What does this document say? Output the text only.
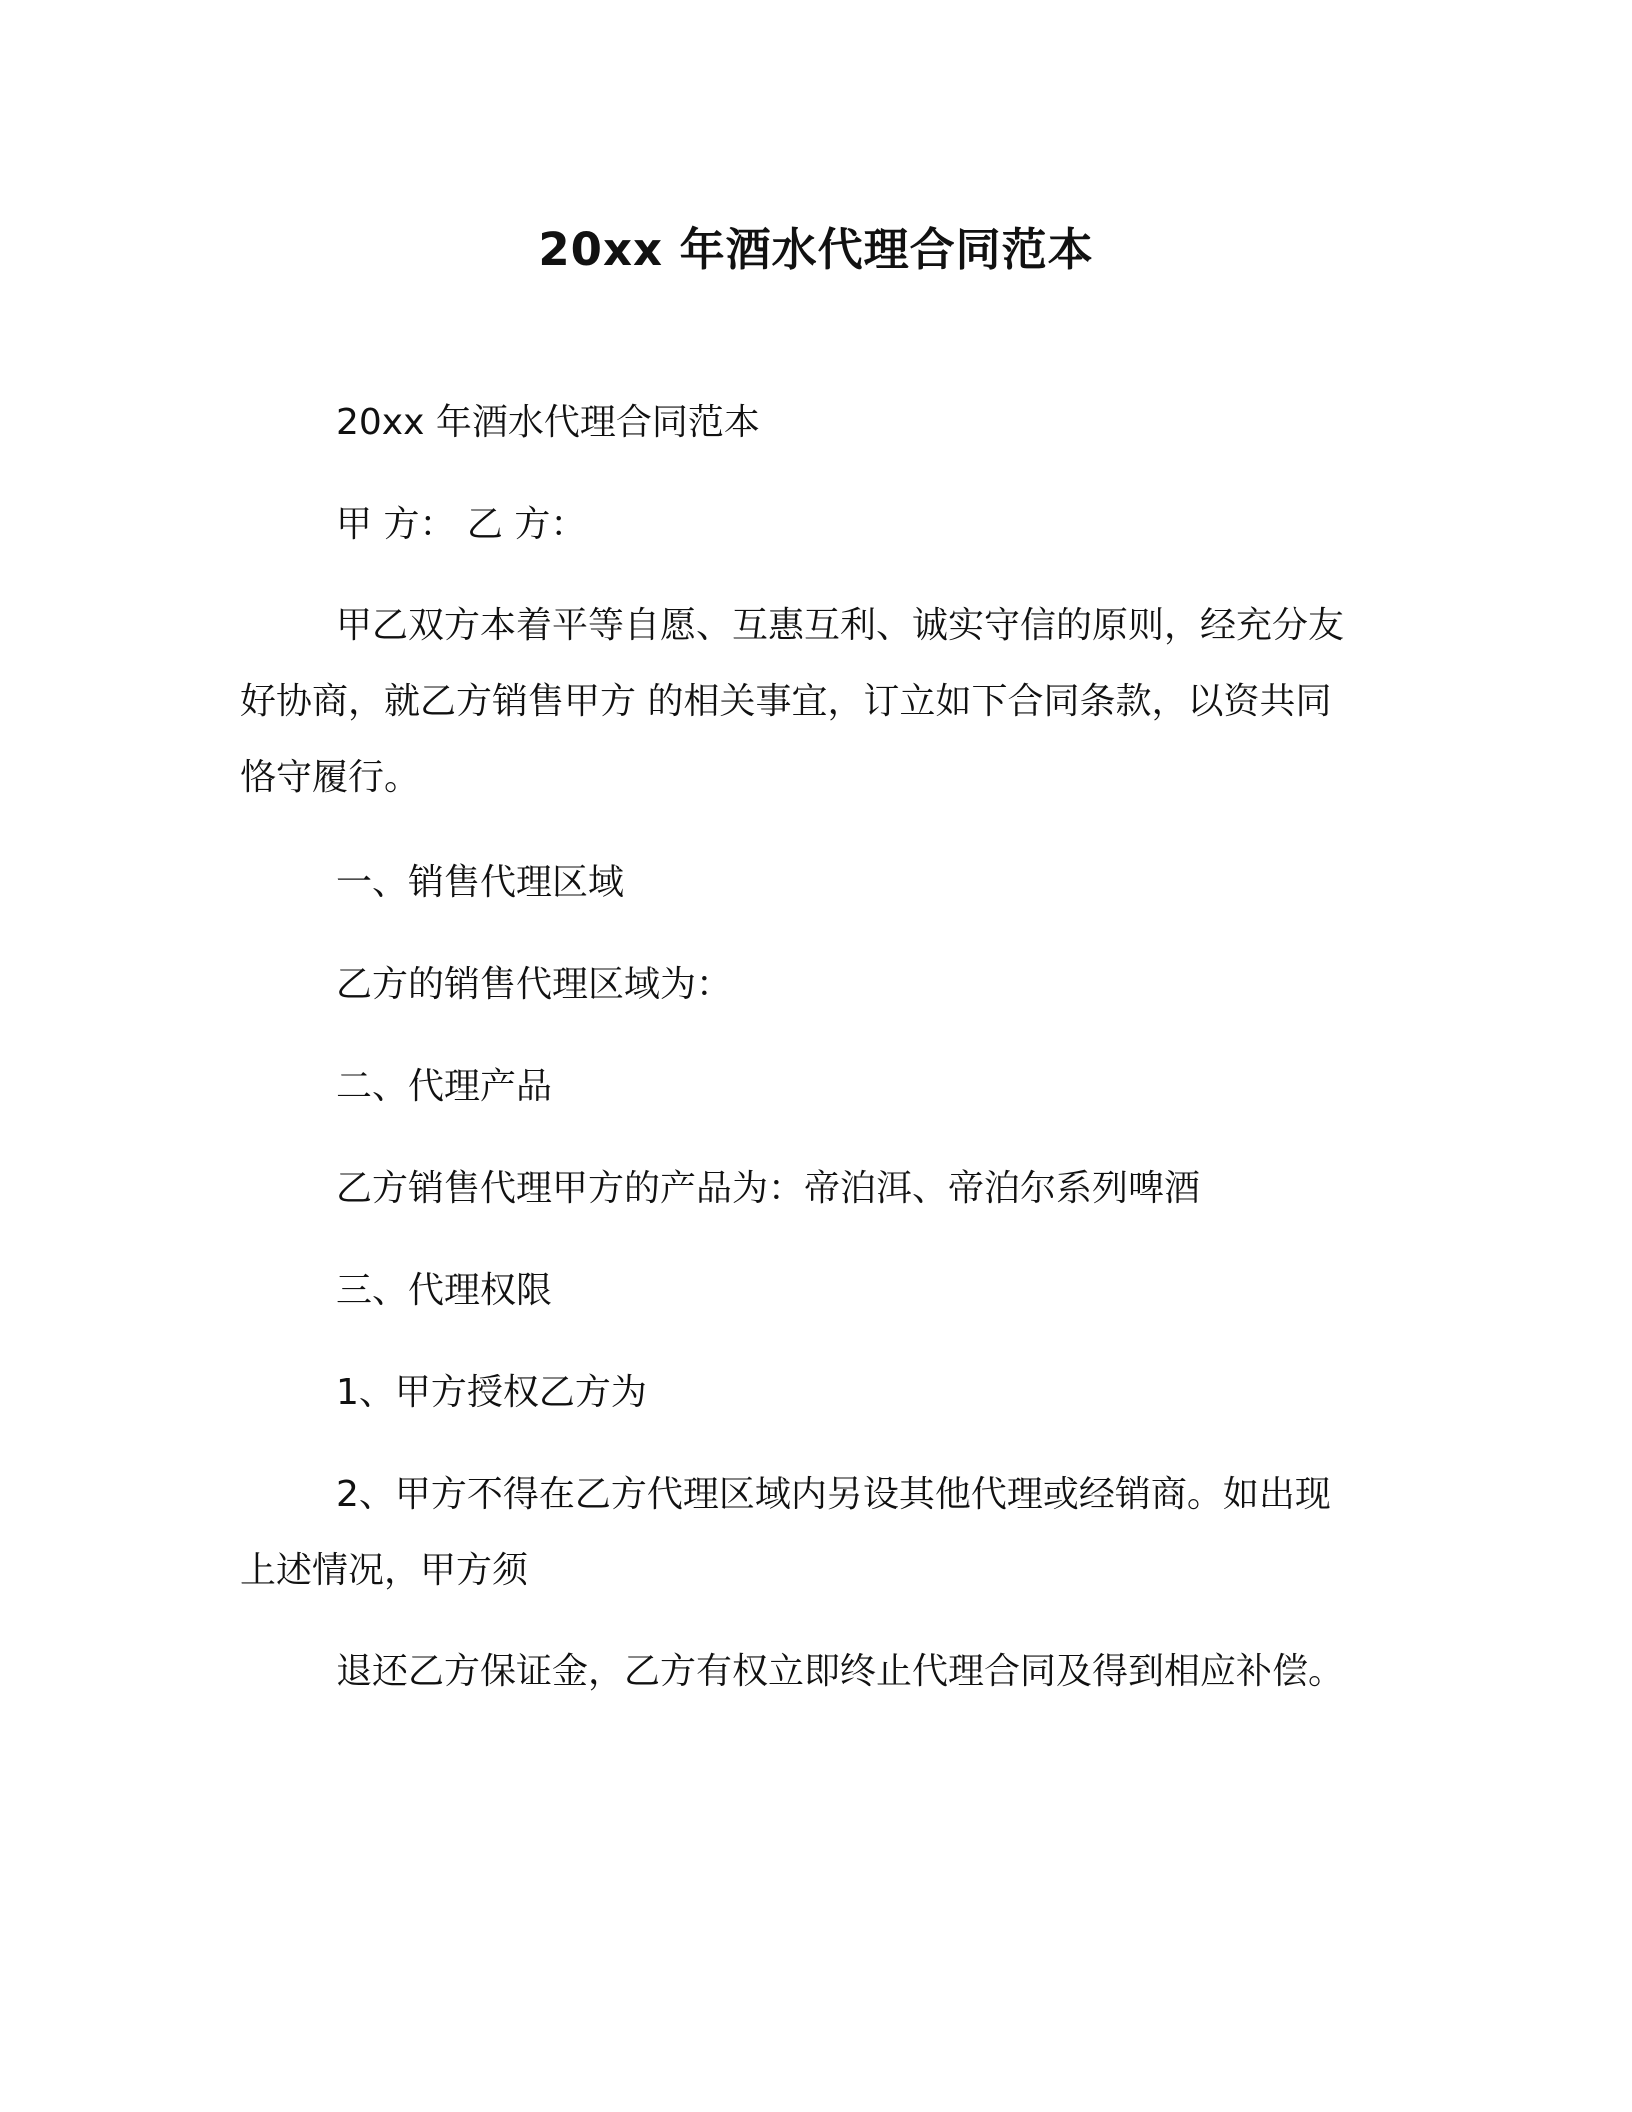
20xx 年酒水代理合同范本
20xx 年酒水代理合同范本
甲 方： 乙 方：
甲乙双方本着平等自愿、互惠互利、诚实守信的原则，经充分友
好协商，就乙方销售甲方 的相关事宜，订立如下合同条款，以资共同
恪守履行。
一、销售代理区域
乙方的销售代理区域为：
二、代理产品
乙方销售代理甲方的产品为：帝泊洱、帝泊尔系列啤酒
三、代理权限
1、甲方授权乙方为
2、甲方不得在乙方代理区域内另设其他代理或经销商。如出现
上述情况，甲方须
退还乙方保证金，乙方有权立即终止代理合同及得到相应补偿。
